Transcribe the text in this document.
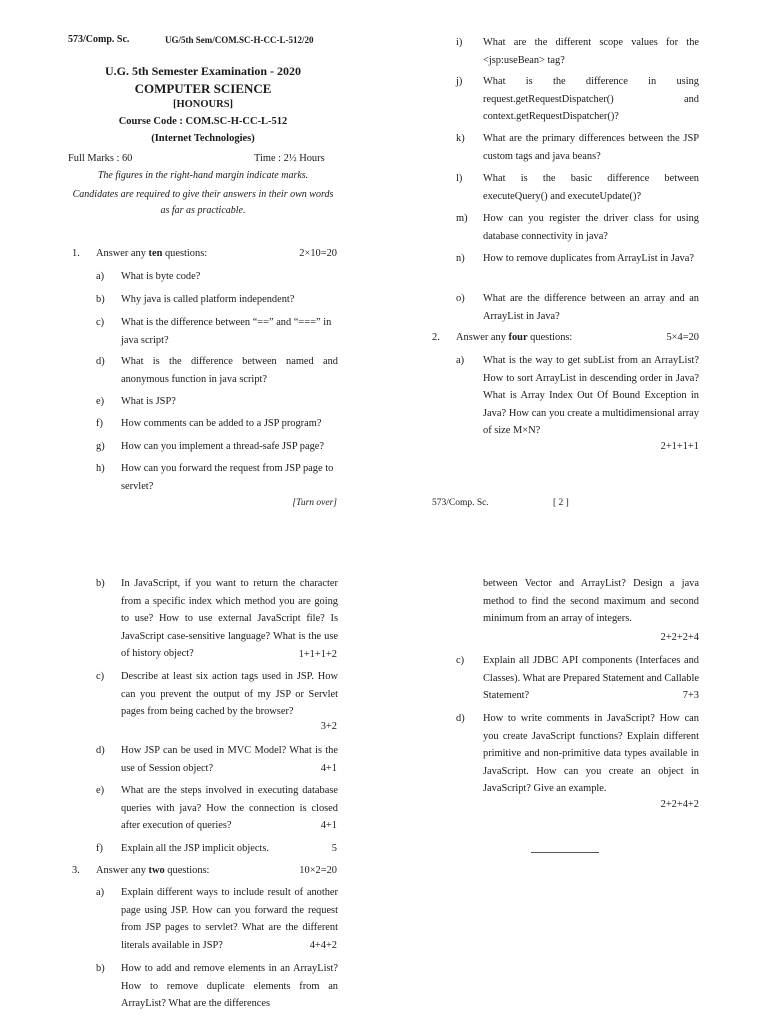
573/Comp. Sc.	UG/5th Sem/COM.SC-H-CC-L-512/20
U.G. 5th Semester Examination - 2020
COMPUTER SCIENCE
[HONOURS]
Course Code : COM.SC-H-CC-L-512
(Internet Technologies)
Full Marks : 60	Time : 2½ Hours
The figures in the right-hand margin indicate marks.
Candidates are required to give their answers in their own words as far as practicable.
1. Answer any ten questions:	2×10=20
a) What is byte code?
b) Why java is called platform independent?
c) What is the difference between “==” and “===” in java script?
d) What is the difference between named and anonymous function in java script?
e) What is JSP?
f) How comments can be added to a JSP program?
g) How can you implement a thread-safe JSP page?
h) How can you forward the request from JSP page to servlet?
[Turn over]
i) What are the different scope values for the <jsp:useBean> tag?
j) What is the difference in using request.getRequestDispatcher() and context.getRequestDispatcher()?
k) What are the primary differences between the JSP custom tags and java beans?
l) What is the basic difference between executeQuery() and executeUpdate()?
m) How can you register the driver class for using database connectivity in java?
n) How to remove duplicates from ArrayList in Java?
o) What are the difference between an array and an ArrayList in Java?
2. Answer any four questions:	5×4=20
a) What is the way to get subList from an ArrayList? How to sort ArrayList in descending order in Java? What is Array Index Out Of Bound Exception in Java? How can you create a multidimensional array of size M×N?
2+1+1+1
573/Comp. Sc.	[ 2 ]
b) In JavaScript, if you want to return the character from a specific index which method you are going to use? How to use external JavaScript file? Is JavaScript case-sensitive language? What is the use of history object?	1+1+1+2
c) Describe at least six action tags used in JSP. How can you prevent the output of my JSP or Servlet pages from being cached by the browser?
3+2
d) How JSP can be used in MVC Model? What is the use of Session object?	4+1
e) What are the steps involved in executing database queries with java? How the connection is closed after execution of queries?	4+1
f) Explain all the JSP implicit objects.	5
3. Answer any two questions:	10×2=20
a) Explain different ways to include result of another page using JSP. How can you forward the request from JSP pages to servlet? What are the different literals available in JSP?	4+4+2
b) How to add and remove elements in an ArrayList? How to remove duplicate elements from an ArrayList? What are the differences
between Vector and ArrayList? Design a java method to find the second maximum and second minimum from an array of integers.
2+2+2+4
c) Explain all JDBC API components (Interfaces and Classes). What are Prepared Statement and Callable Statement?	7+3
d) How to write comments in JavaScript? How can you create JavaScript functions? Explain different primitive and non-primitive data types available in JavaScript. How can you create an object in JavaScript? Give an example.
2+2+4+2
